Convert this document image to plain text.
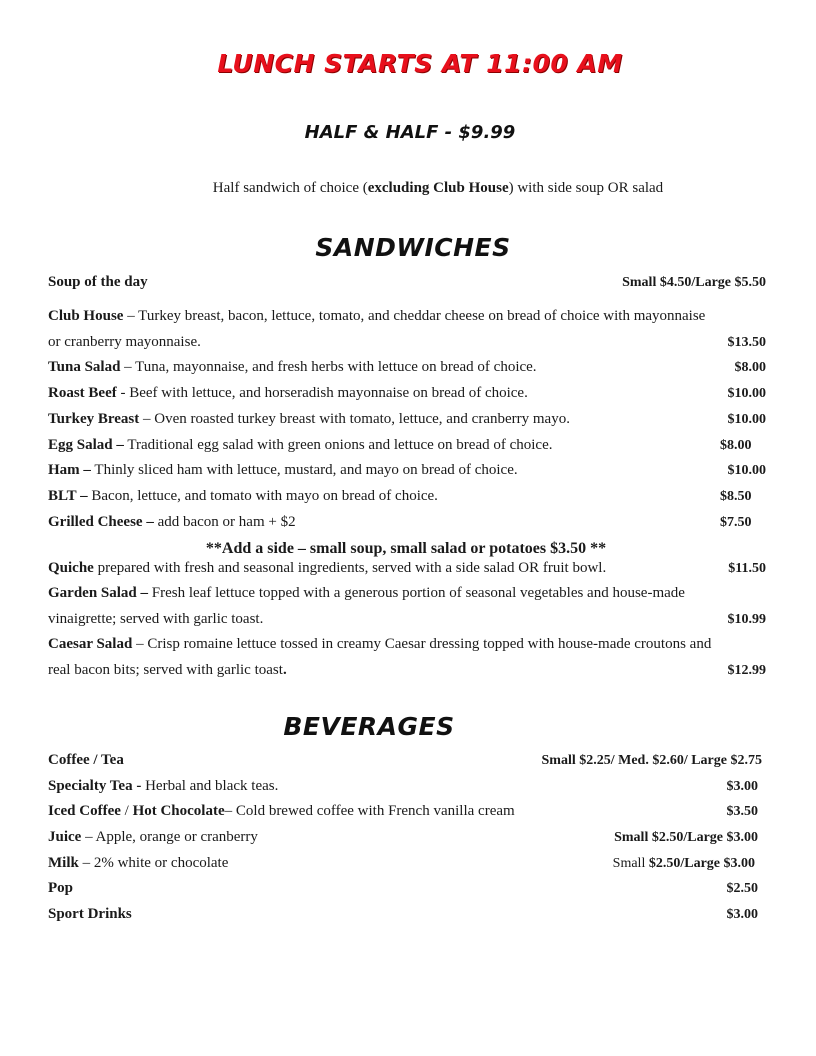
LUNCH STARTS AT 11:00 AM
HALF & HALF - $9.99
Half sandwich of choice (excluding Club House) with side soup OR salad
SANDWICHES
Soup of the day	Small $4.50/Large $5.50
Club House – Turkey breast, bacon, lettuce, tomato, and cheddar cheese on bread of choice with mayonnaise
or cranberry mayonnaise.	$13.50
Tuna Salad – Tuna, mayonnaise, and fresh herbs with lettuce on bread of choice.	$8.00
Roast Beef - Beef with lettuce, and horseradish mayonnaise on bread of choice.	$10.00
Turkey Breast – Oven roasted turkey breast with tomato, lettuce, and cranberry mayo.	$10.00
Egg Salad – Traditional egg salad with green onions and lettuce on bread of choice.	$8.00
Ham – Thinly sliced ham with lettuce, mustard, and mayo on bread of choice.	$10.00
BLT – Bacon, lettuce, and tomato with mayo on bread of choice.	$8.50
Grilled Cheese – add bacon or ham + $2	$7.50
**Add a side – small soup, small salad or potatoes $3.50 **
Quiche prepared with fresh and seasonal ingredients, served with a side salad OR fruit bowl.	$11.50
Garden Salad – Fresh leaf lettuce topped with a generous portion of seasonal vegetables and house-made
vinaigrette; served with garlic toast.	$10.99
Caesar Salad – Crisp romaine lettuce tossed in creamy Caesar dressing topped with house-made croutons and
real bacon bits; served with garlic toast.	$12.99
BEVERAGES
Coffee / Tea	Small $2.25/ Med. $2.60/ Large $2.75
Specialty Tea - Herbal and black teas.	$3.00
Iced Coffee / Hot Chocolate– Cold brewed coffee with French vanilla cream	$3.50
Juice – Apple, orange or cranberry	Small $2.50/Large $3.00
Milk – 2% white or chocolate	Small $2.50/Large $3.00
Pop	$2.50
Sport Drinks	$3.00
